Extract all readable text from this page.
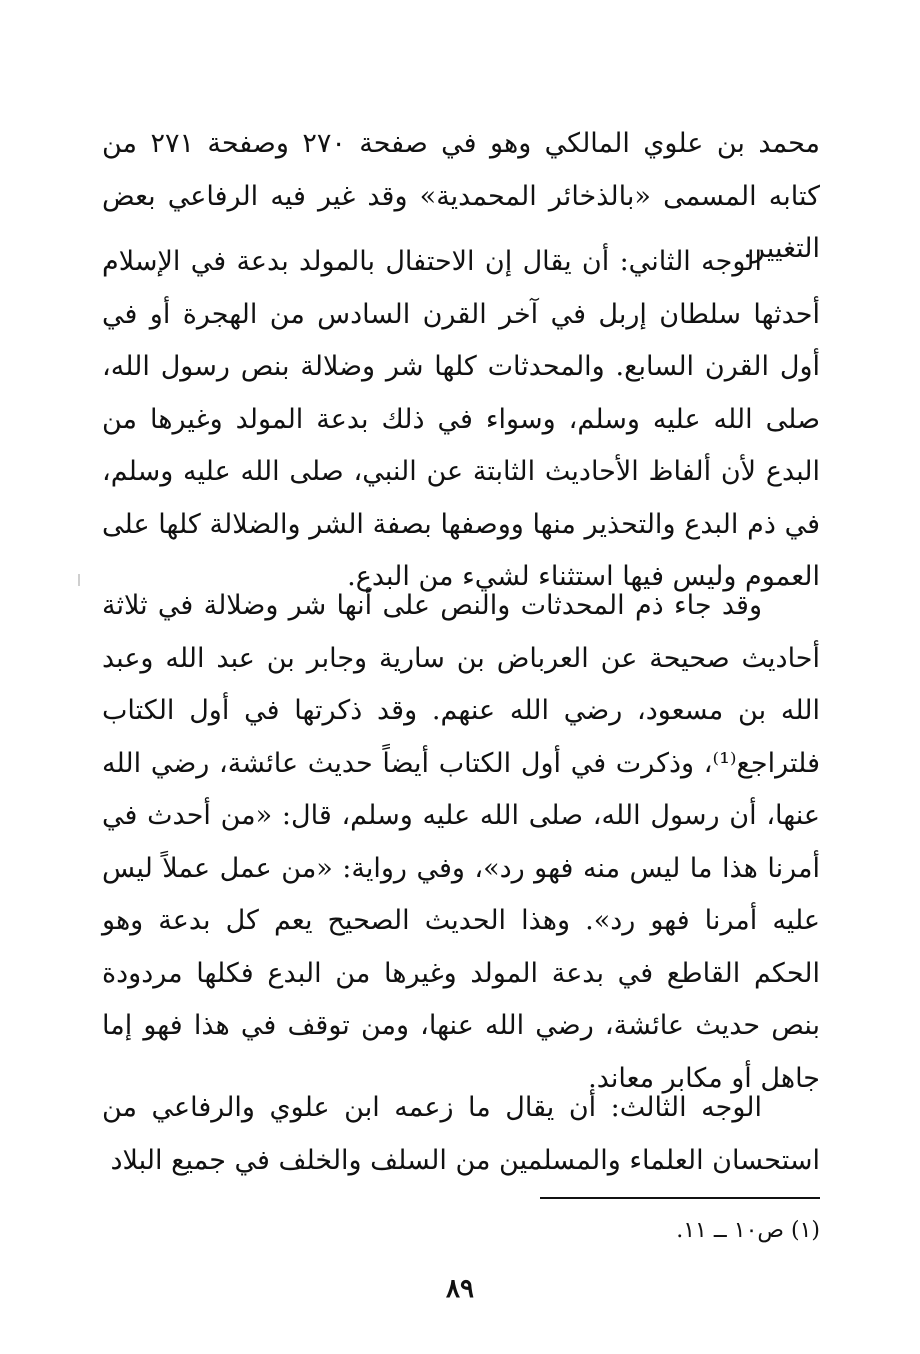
محمد بن علوي المالكي وهو في صفحة ٢٧٠ وصفحة ٢٧١ من كتابه المسمى «بالذخائر المحمدية» وقد غير فيه الرفاعي بعض التغيير.

الوجه الثاني: أن يقال إن الاحتفال بالمولد بدعة في الإسلام أحدثها سلطان إربل في آخر القرن السادس من الهجرة أو في أول القرن السابع. والمحدثات كلها شر وضلالة بنص رسول الله، صلى الله عليه وسلم، وسواء في ذلك بدعة المولد وغيرها من البدع لأن ألفاظ الأحاديث الثابتة عن النبي، صلى الله عليه وسلم، في ذم البدع والتحذير منها ووصفها بصفة الشر والضلالة كلها على العموم وليس فيها استثناء لشيء من البدع.

وقد جاء ذم المحدثات والنص على أنها شر وضلالة في ثلاثة أحاديث صحيحة عن العرباض بن سارية وجابر بن عبد الله وعبد الله بن مسعود، رضي الله عنهم. وقد ذكرتها في أول الكتاب فلتراجع⁽¹⁾، وذكرت في أول الكتاب أيضاً حديث عائشة، رضي الله عنها، أن رسول الله، صلى الله عليه وسلم، قال: «من أحدث في أمرنا هذا ما ليس منه فهو رد»، وفي رواية: «من عمل عملاً ليس عليه أمرنا فهو رد». وهذا الحديث الصحيح يعم كل بدعة وهو الحكم القاطع في بدعة المولد وغيرها من البدع فكلها مردودة بنص حديث عائشة، رضي الله عنها، ومن توقف في هذا فهو إما جاهل أو مكابر معاند.

الوجه الثالث: أن يقال ما زعمه ابن علوي والرفاعي من استحسان العلماء والمسلمين من السلف والخلف في جميع البلاد

(١) ص١٠ ــ ١١.
٨٩
